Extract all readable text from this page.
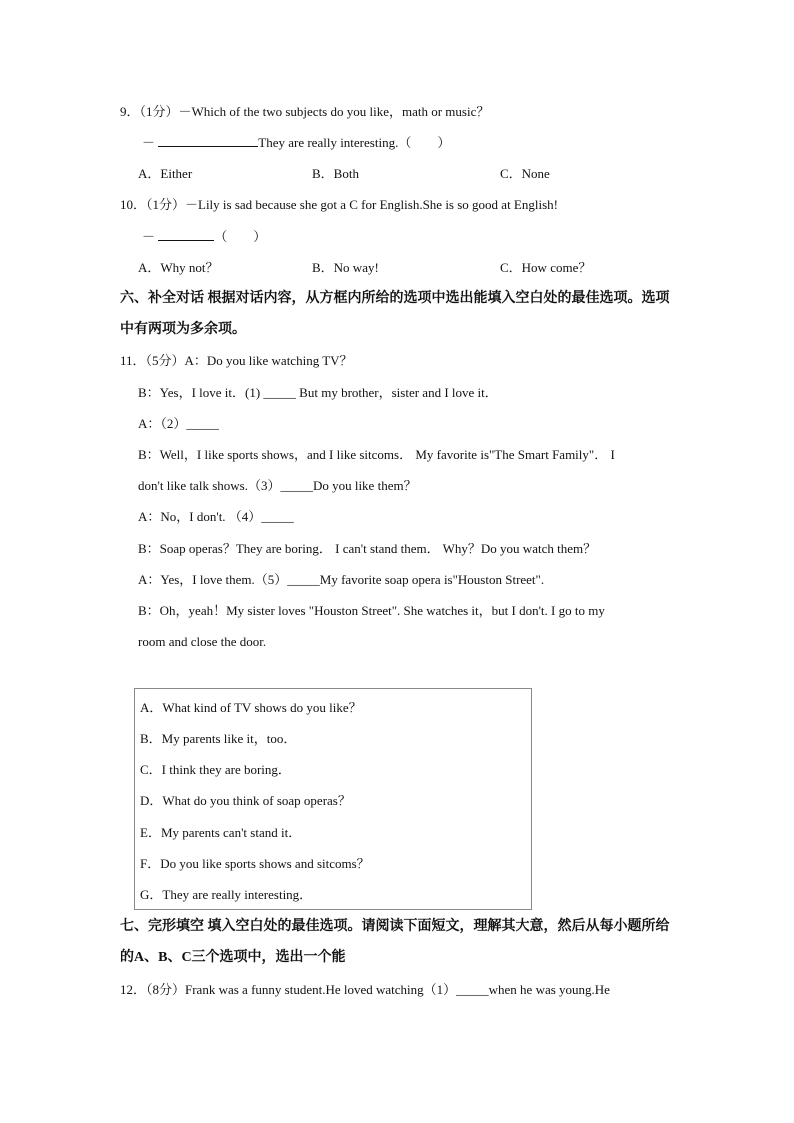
9．（1分）－Which of the two subjects do you like，math or music？
－	They are really interesting.（　　）
A．Either	B．Both	C．None
10．（1分）－Lily is sad because she got a C for English.She is so good at English!
－	（　　）
A．Why not？	B．No way!	C．How come？
六、补全对话 根据对话内容，从方框内所给的选项中选出能填入空白处的最佳选项。选项
中有两项为多余项。
11．（5分）A：Do you like watching TV？
B：Yes，I love it．(1) _____ But my brother，sister and I love it．
A：（2）_____
B：Well，I like sports shows，and I like sitcoms． My favorite is"The Smart Family"． I
don't like talk shows.（3）_____Do you like them？
A：No，I don't. （4）_____
B：Soap operas？They are boring． I can't stand them． Why？Do you watch them？
A：Yes，I love them.（5）_____My favorite soap opera is"Houston Street".
B：Oh，yeah！My sister loves "Houston Street". She watches it，but I don't. I go to my
room and close the door.
A．What kind of TV shows do you like？
B．My parents like it，too．
C．I think they are boring．
D．What do you think of soap operas？
E．My parents can't stand it．
F．Do you like sports shows and sitcoms？
G．They are really interesting．
七、完形填空 填入空白处的最佳选项。请阅读下面短文，理解其大意，然后从每小题所给
的A、B、C三个选项中，选出一个能
12．（8分）Frank was a funny student.He loved watching（1）_____when he was young.He
